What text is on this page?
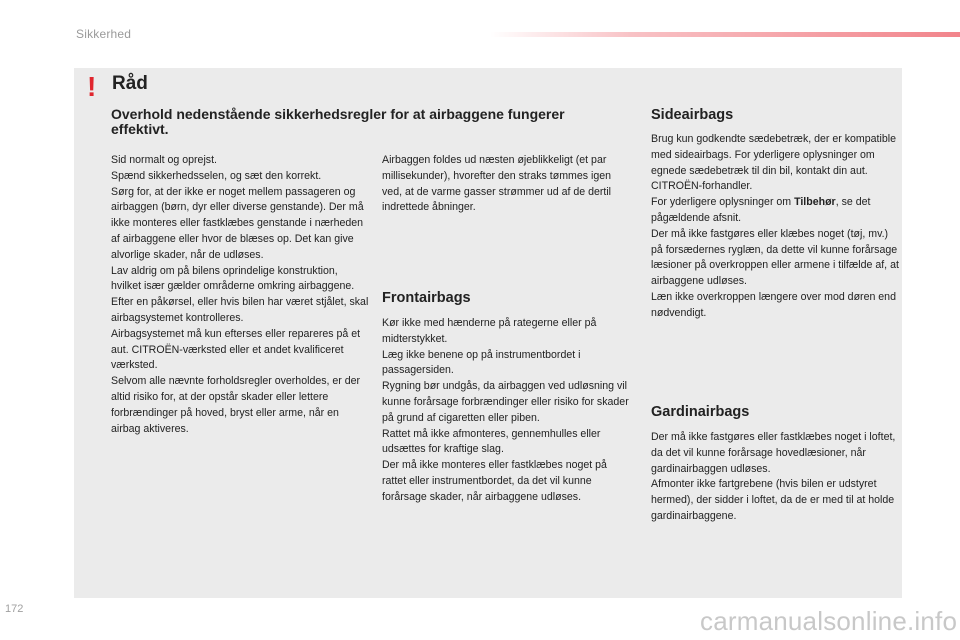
Sikkerhed
! Råd
Overhold nedenstående sikkerhedsregler for at airbaggene fungerer effektivt.
Sid normalt og oprejst.
Spænd sikkerhedsselen, og sæt den korrekt.
Sørg for, at der ikke er noget mellem passageren og airbaggen (børn, dyr eller diverse genstande). Der må ikke monteres eller fastklæbes genstande i nærheden af airbaggene eller hvor de blæses op. Det kan give alvorlige skader, når de udløses.
Lav aldrig om på bilens oprindelige konstruktion, hvilket især gælder områderne omkring airbaggene.
Efter en påkørsel, eller hvis bilen har været stjålet, skal airbagsystemet kontrolleres.
Airbagsystemet må kun efterses eller repareres på et aut. CITROËN-værksted eller et andet kvalificeret værksted.
Selvom alle nævnte forholdsregler overholdes, er der altid risiko for, at der opstår skader eller lettere forbrændinger på hoved, bryst eller arme, når en airbag aktiveres.
Airbaggen foldes ud næsten øjeblikkeligt (et par millisekunder), hvorefter den straks tømmes igen ved, at de varme gasser strømmer ud af de dertil indrettede åbninger.
Frontairbags
Kør ikke med hænderne på rategerne eller på midterstykket.
Læg ikke benene op på instrumentbordet i passagersiden.
Rygning bør undgås, da airbaggen ved udløsning vil kunne forårsage forbrændinger eller risiko for skader på grund af cigaretten eller piben.
Rattet må ikke afmonteres, gennemhulles eller udsættes for kraftige slag.
Der må ikke monteres eller fastklæbes noget på rattet eller instrumentbordet, da det vil kunne forårsage skader, når airbaggene udløses.
Sideairbags
Brug kun godkendte sædebetræk, der er kompatible med sideairbags. For yderligere oplysninger om egnede sædebetræk til din bil, kontakt din aut. CITROËN-forhandler.
For yderligere oplysninger om Tilbehør, se det pågældende afsnit.
Der må ikke fastgøres eller klæbes noget (tøj, mv.) på forsædernes ryglæn, da dette vil kunne forårsage læsioner på overkroppen eller armene i tilfælde af, at airbaggene udløses.
Læn ikke overkroppen længere over mod døren end nødvendigt.
Gardinairbags
Der må ikke fastgøres eller fastklæbes noget i loftet, da det vil kunne forårsage hovedlæsioner, når gardinairbaggen udløses.
Afmonter ikke fartgrebene (hvis bilen er udstyret hermed), der sidder i loftet, da de er med til at holde gardinairbaggene.
172	carmanualsonline.info
